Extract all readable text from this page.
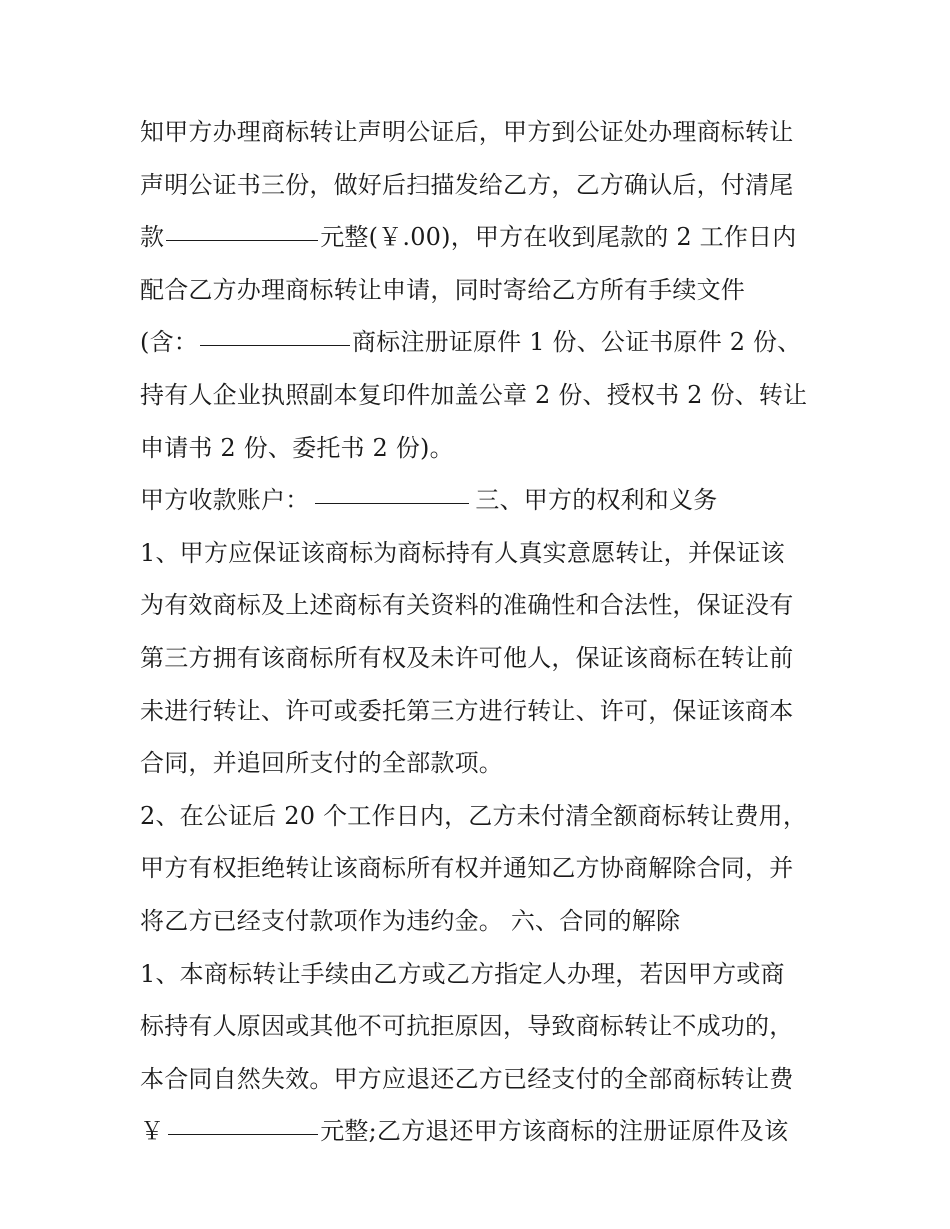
知甲方办理商标转让声明公证后，甲方到公证处办理商标转让
声明公证书三份，做好后扫描发给乙方，乙方确认后，付清尾
款	元整(￥.00)，甲方在收到尾款的 2 工作日内
配合乙方办理商标转让申请，同时寄给乙方所有手续文件
(含：	商标注册证原件 1 份、公证书原件 2 份、
持有人企业执照副本复印件加盖公章 2 份、授权书 2 份、转让
申请书 2 份、委托书 2 份)。
甲方收款账户：	三、甲方的权利和义务
1、甲方应保证该商标为商标持有人真实意愿转让，并保证该
为有效商标及上述商标有关资料的准确性和合法性，保证没有
第三方拥有该商标所有权及未许可他人，保证该商标在转让前
未进行转让、许可或委托第三方进行转让、许可，保证该商本
合同，并追回所支付的全部款项。
2、在公证后 20 个工作日内，乙方未付清全额商标转让费用，
甲方有权拒绝转让该商标所有权并通知乙方协商解除合同，并
将乙方已经支付款项作为违约金。 六、合同的解除
1、本商标转让手续由乙方或乙方指定人办理，若因甲方或商
标持有人原因或其他不可抗拒原因，导致商标转让不成功的，
本合同自然失效。甲方应退还乙方已经支付的全部商标转让费
￥	元整;乙方退还甲方该商标的注册证原件及该
